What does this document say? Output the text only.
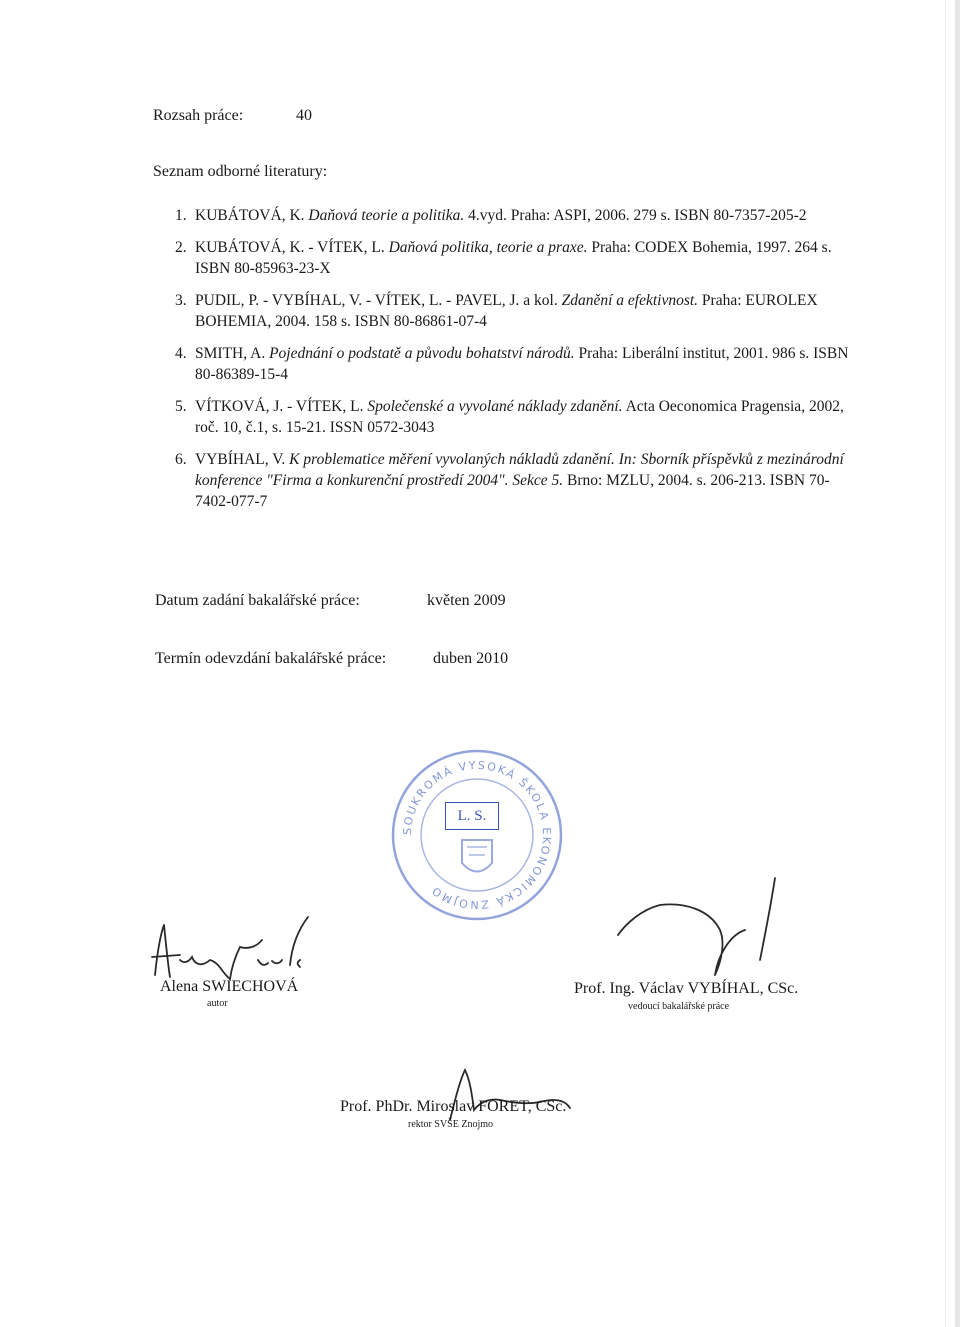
Rozsah práce:	40
Seznam odborné literatury:
1. KUBÁTOVÁ, K. Daňová teorie a politika. 4.vyd. Praha: ASPI, 2006. 279 s. ISBN 80-7357-205-2
2. KUBÁTOVÁ, K. - VÍTEK, L. Daňová politika, teorie a praxe. Praha: CODEX Bohemia, 1997. 264 s. ISBN 80-85963-23-X
3. PUDIL, P. - VYBÍHAL, V. - VÍTEK, L. - PAVEL, J. a kol. Zdanění a efektivnost. Praha: EUROLEX BOHEMIA, 2004. 158 s. ISBN 80-86861-07-4
4. SMITH, A. Pojednání o podstatě a původu bohatství národů. Praha: Liberální institut, 2001. 986 s. ISBN 80-86389-15-4
5. VÍTKOVÁ, J. - VÍTEK, L. Společenské a vyvolané náklady zdanění. Acta Oeconomica Pragensia, 2002, roč. 10, č.1, s. 15-21. ISSN 0572-3043
6. VYBÍHAL, V. K problematice měření vyvolaných nákladů zdanění. In: Sborník příspěvků z mezinárodní konference "Firma a konkurenční prostředí 2004". Sekce 5. Brno: MZLU, 2004. s. 206-213. ISBN 70-7402-077-7
Datum zadání bakalářské práce:	květen 2009
Termín odevzdání bakalářské práce:	duben 2010
SOUKROMÁ VYSOKÁ ŠKOLA EKONOMICKÁ ZNOJMO
L. S.
Alena SWIECHOVÁ
autor
Prof. Ing. Václav VYBÍHAL, CSc.
vedoucí bakalářské práce
Prof. PhDr. Miroslav FORET, CSc.
rektor SVŠE Znojmo
